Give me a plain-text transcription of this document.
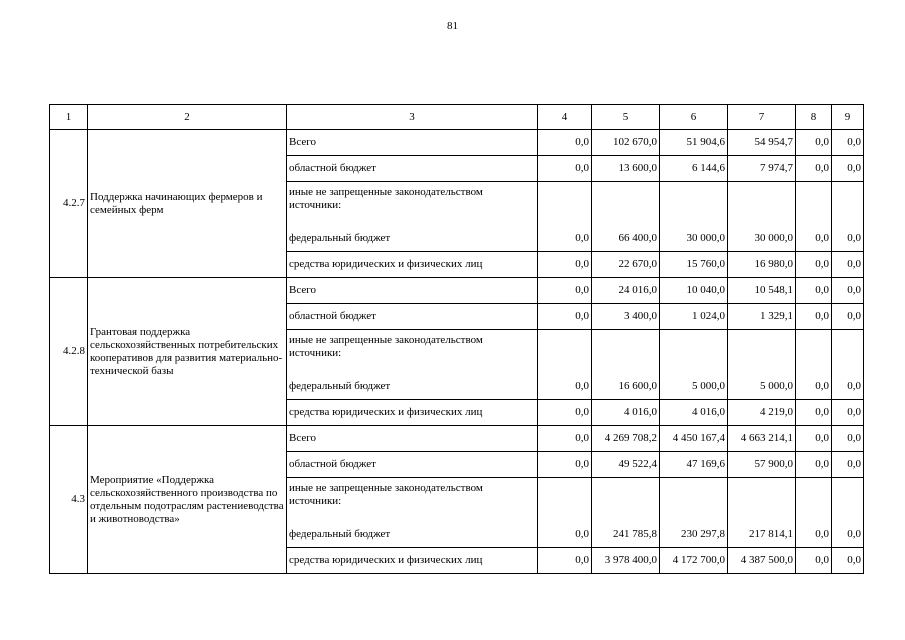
81
1	2	3	4	5	6	7	8	9
4.2.7	Поддержка начинающих фермеров и семейных ферм	Всего	0,0	102 670,0	51 904,6	54 954,7	0,0	0,0
		областной бюджет	0,0	13 600,0	6 144,6	7 974,7	0,0	0,0
		иные не запрещенные законодательством источники:						
		федеральный бюджет	0,0	66 400,0	30 000,0	30 000,0	0,0	0,0
		средства юридических и физических лиц	0,0	22 670,0	15 760,0	16 980,0	0,0	0,0
4.2.8	Грантовая поддержка сельскохозяйственных потребительских кооперативов для развития материально-технической базы	Всего	0,0	24 016,0	10 040,0	10 548,1	0,0	0,0
		областной бюджет	0,0	3 400,0	1 024,0	1 329,1	0,0	0,0
		иные не запрещенные законодательством источники:						
		федеральный бюджет	0,0	16 600,0	5 000,0	5 000,0	0,0	0,0
		средства юридических и физических лиц	0,0	4 016,0	4 016,0	4 219,0	0,0	0,0
4.3	Мероприятие «Поддержка сельскохозяйственного производства по отдельным подотраслям растениеводства и животноводства»	Всего	0,0	4 269 708,2	4 450 167,4	4 663 214,1	0,0	0,0
		областной бюджет	0,0	49 522,4	47 169,6	57 900,0	0,0	0,0
		иные не запрещенные законодательством источники:						
		федеральный бюджет	0,0	241 785,8	230 297,8	217 814,1	0,0	0,0
		средства юридических и физических лиц	0,0	3 978 400,0	4 172 700,0	4 387 500,0	0,0	0,0
